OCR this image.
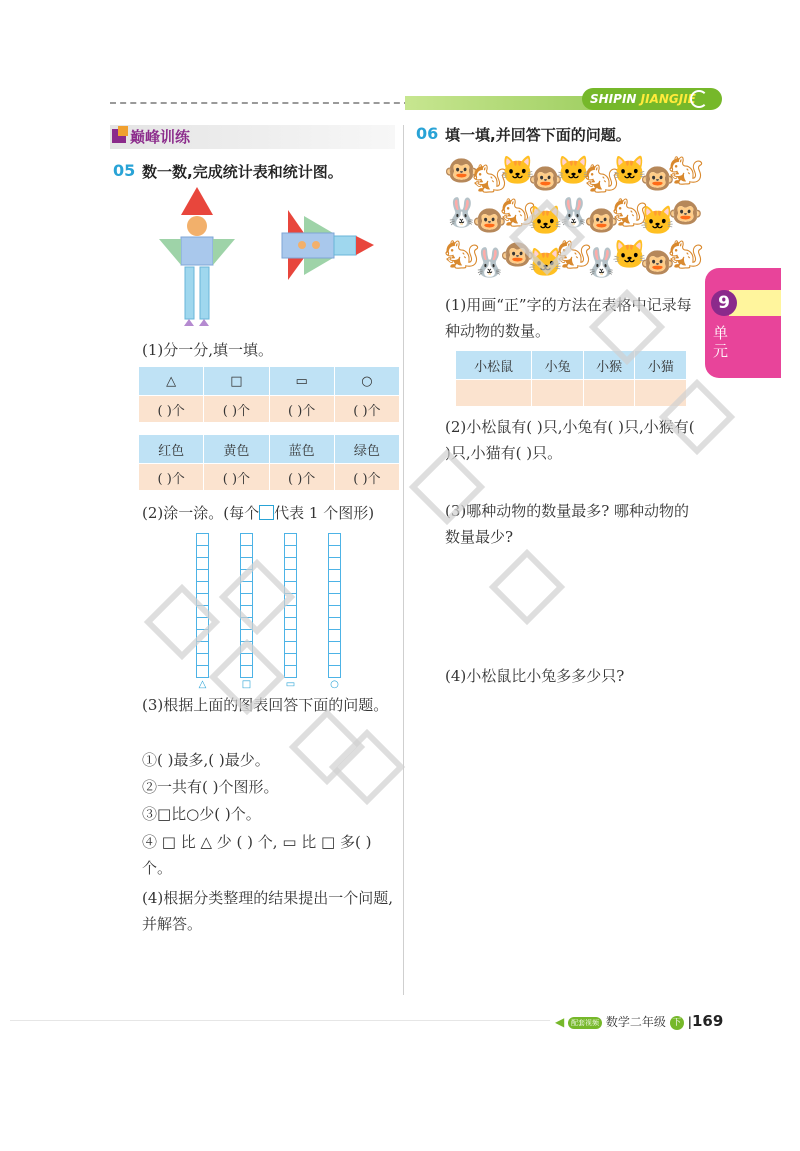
SHIPIN JIANGJIE
巅峰训练
05 数一数,完成统计表和统计图。
(1)分一分,填一填。
△	□	▭	○
( )个	( )个	( )个	( )个
红色	黄色	蓝色	绿色
( )个	( )个	( )个	( )个
(2)涂一涂。(每个 代表 1 个图形)
△	□	▭	○
(3)根据上面的图表回答下面的问题。
①( )最多,( )最少。
②一共有( )个图形。
③□比○少( )个。
④ □ 比 △ 少 ( ) 个, ▭ 比 □ 多( )个。
(4)根据分类整理的结果提出一个问题,并解答。
06 填一填,并回答下面的问题。
🐵
🐿
🐱
🐵
🐱
🐿
🐱
🐵
🐿
🐰
🐵
🐿
🐱
🐰
🐵
🐿
🐱
🐵
🐿
🐰
🐵
🐱
🐿
🐰
🐱
🐵
🐿
(1)用画“正”字的方法在表格中记录每种动物的数量。
小松鼠	小兔	小猴	小猫

(2)小松鼠有( )只,小兔有( )只,小猴有( )只,小猫有( )只。
(3)哪种动物的数量最多? 哪种动物的数量最少?
(4)小松鼠比小兔多多少只?
9
单元
◀ 配套视频 数学二年级 下 |169
